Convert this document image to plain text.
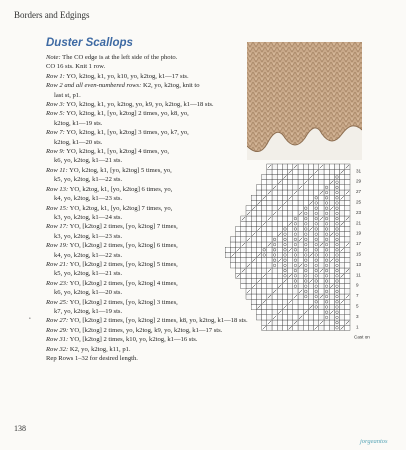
Borders and Edgings
Duster Scallops
Note: The CO edge is at the left side of the photo.
CO 16 sts. Knit 1 row.
Row 1: YO, k2tog, k1, yo, k10, yo, k2tog, k1—17 sts.
Row 2 and all even-numbered rows: K2, yo, k2tog, knit to
last st, p1.
Row 3: YO, k2tog, k1, yo, k2tog, yo, k9, yo, k2tog, k1—18 sts.
Row 5: YO, k2tog, k1, [yo, k2tog] 2 times, yo, k8, yo,
k2tog, k1—19 sts.
Row 7: YO, k2tog, k1, [yo, k2tog] 3 times, yo, k7, yo,
k2tog, k1—20 sts.
Row 9: YO, k2tog, k1, [yo, k2tog] 4 times, yo,
k6, yo, k2tog, k1—21 sts.
Row 11: YO, k2tog, k1, [yo, k2tog] 5 times, yo,
k5, yo, k2tog, k1—22 sts.
Row 13: YO, k2tog, k1, [yo, k2tog] 6 times, yo,
k4, yo, k2tog, k1—23 sts.
Row 15: YO, k2tog, k1, [yo, k2tog] 7 times, yo,
k3, yo, k2tog, k1—24 sts.
Row 17: YO, [k2tog] 2 times, [yo, k2tog] 7 times,
k3, yo, k2tog, k1—23 sts.
Row 19: YO, [k2tog] 2 times, [yo, k2tog] 6 times,
k4, yo, k2tog, k1—22 sts.
Row 21: YO, [k2tog] 2 times, [yo, k2tog] 5 times,
k5, yo, k2tog, k1—21 sts.
Row 23: YO, [k2tog] 2 times, [yo, k2tog] 4 times,
k6, yo, k2tog, k1—20 sts.
Row 25: YO, [k2tog] 2 times, [yo, k2tog] 3 times,
k7, yo, k2tog, k1—19 sts.
Row 27: YO, [k2tog] 2 times, [yo, k2tog] 2 times, k8, yo, k2tog, k1—18 sts.
Row 29: YO, [k2tog] 2 times, yo, k2tog, k9, yo, k2tog, k1—17 sts.
Row 31: YO, [k2tog] 2 times, k10, yo, k2tog, k1—16 sts.
Row 32: K2, yo, k2tog, k11, p1.
Rep Rows 1–32 for desired length.
•
31
29
27
25
23
21
19
17
15
13
11
9
7
5
3
1
Cast on
138
jorgeantos
